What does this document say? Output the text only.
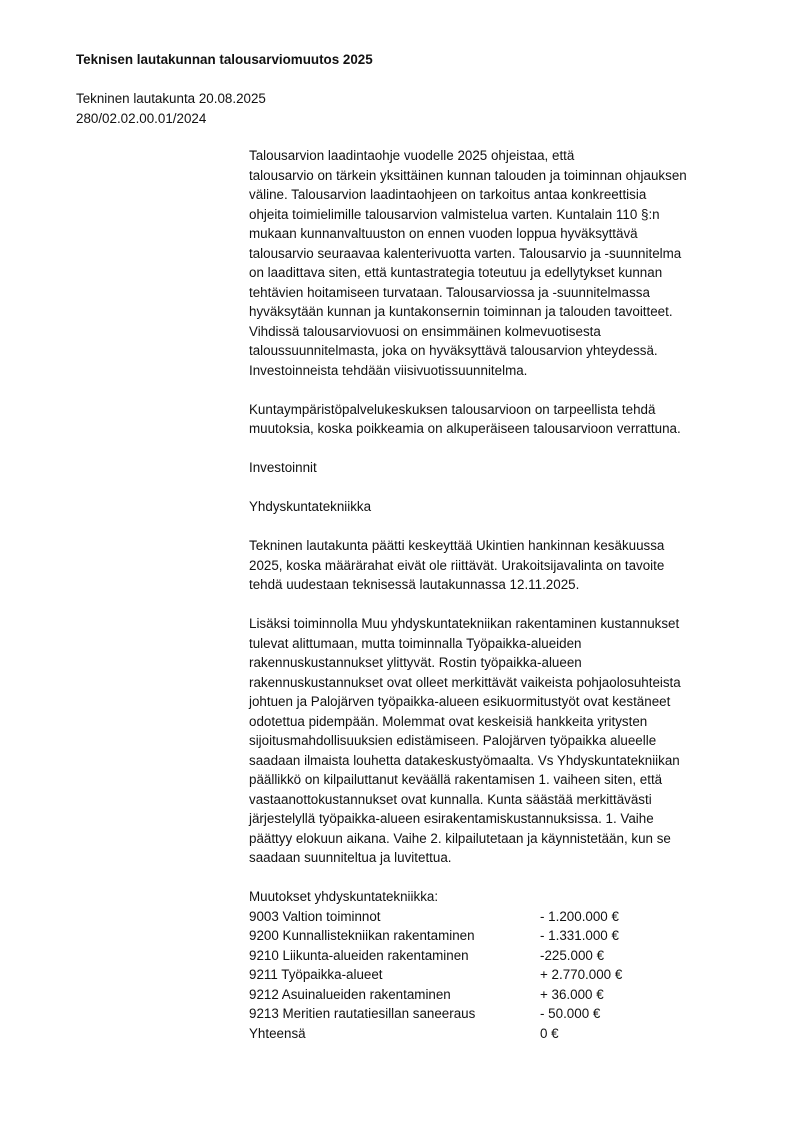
Teknisen lautakunnan talousarviomuutos 2025
Tekninen lautakunta 20.08.2025
280/02.02.00.01/2024
Talousarvion laadintaohje vuodelle 2025 ohjeistaa, että
talousarvio on tärkein yksittäinen kunnan talouden ja toiminnan ohjauksen
väline. Talousarvion laadintaohjeen on tarkoitus antaa konkreettisia
ohjeita toimielimille talousarvion valmistelua varten. Kuntalain 110 §:n
mukaan kunnanvaltuuston on ennen vuoden loppua hyväksyttävä
talousarvio seuraavaa kalenterivuotta varten. Talousarvio ja -suunnitelma
on laadittava siten, että kuntastrategia toteutuu ja edellytykset kunnan
tehtävien hoitamiseen turvataan. Talousarviossa ja -suunnitelmassa
hyväksytään kunnan ja kuntakonsernin toiminnan ja talouden tavoitteet.
Vihdissä talousarviovuosi on ensimmäinen kolmevuotisesta
taloussuunnitelmasta, joka on hyväksyttävä talousarvion yhteydessä.
Investoinneista tehdään viisivuotissuunnitelma.
Kuntaympäristöpalvelukeskuksen talousarvioon on tarpeellista tehdä
muutoksia, koska poikkeamia on alkuperäiseen talousarvioon verrattuna.
Investoinnit
Yhdyskuntatekniikka
Tekninen lautakunta päätti keskeyttää Ukintien hankinnan kesäkuussa
2025, koska määrärahat eivät ole riittävät. Urakoitsijavalinta on tavoite
tehdä uudestaan teknisessä lautakunnassa 12.11.2025.
Lisäksi toiminnolla Muu yhdyskuntatekniikan rakentaminen kustannukset
tulevat alittumaan, mutta toiminnalla Työpaikka-alueiden
rakennuskustannukset ylittyvät. Rostin työpaikka-alueen
rakennuskustannukset ovat olleet merkittävät vaikeista pohjaolosuhteista
johtuen ja Palojärven työpaikka-alueen esikuormitustyöt ovat kestäneet
odotettua pidempään. Molemmat ovat keskeisiä hankkeita yritysten
sijoitusmahdollisuuksien edistämiseen. Palojärven työpaikka alueelle
saadaan ilmaista louhetta datakeskustyömaalta. Vs Yhdyskuntatekniikan
päällikkö on kilpailuttanut keväällä rakentamisen 1. vaiheen siten, että
vastaanottokustannukset ovat kunnalla. Kunta säästää merkittävästi
järjestelyllä työpaikka-alueen esirakentamiskustannuksissa. 1. Vaihe
päättyy elokuun aikana. Vaihe 2. kilpailutetaan ja käynnistetään, kun se
saadaan suunniteltua ja luvitettua.
Muutokset yhdyskuntatekniikka:
9003 Valtion toiminnot	- 1.200.000 €
9200 Kunnallistekniikan rakentaminen	- 1.331.000 €
9210 Liikunta-alueiden rakentaminen	-225.000 €
9211 Työpaikka-alueet	+ 2.770.000 €
9212 Asuinalueiden rakentaminen	+ 36.000 €
9213 Meritien rautatiesillan saneeraus	- 50.000 €
Yhteensä	0 €
